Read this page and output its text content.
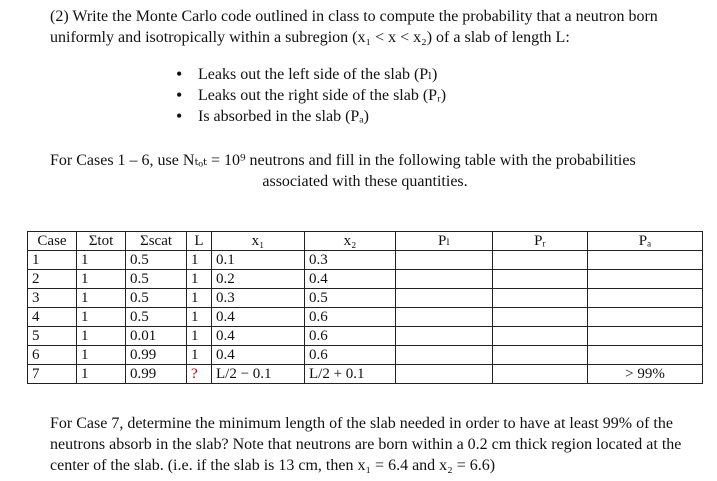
(2) Write the Monte Carlo code outlined in class to compute the probability that a neutron born uniformly and isotropically within a subregion (x₁ < x < x₂) of a slab of length L:

• Leaks out the left side of the slab (Pₗ)
• Leaks out the right side of the slab (Pᵣ)
• Is absorbed in the slab (Pₐ)

For Cases 1 – 6, use Nₜₒₜ = 10⁹ neutrons and fill in the following table with the probabilities
associated with these quantities.

Case	Σtot	Σscat	L	x₁	x₂	Pₗ	Pᵣ	Pₐ
1	1	0.5	1	0.1	0.3			
2	1	0.5	1	0.2	0.4			
3	1	0.5	1	0.3	0.5			
4	1	0.5	1	0.4	0.6			
5	1	0.01	1	0.4	0.6			
6	1	0.99	1	0.4	0.6			
7	1	0.99	?	L/2 − 0.1	L/2 + 0.1			> 99%

For Case 7, determine the minimum length of the slab needed in order to have at least 99% of the neutrons absorb in the slab? Note that neutrons are born within a 0.2 cm thick region located at the center of the slab. (i.e. if the slab is 13 cm, then x₁ = 6.4 and x₂ = 6.6)
